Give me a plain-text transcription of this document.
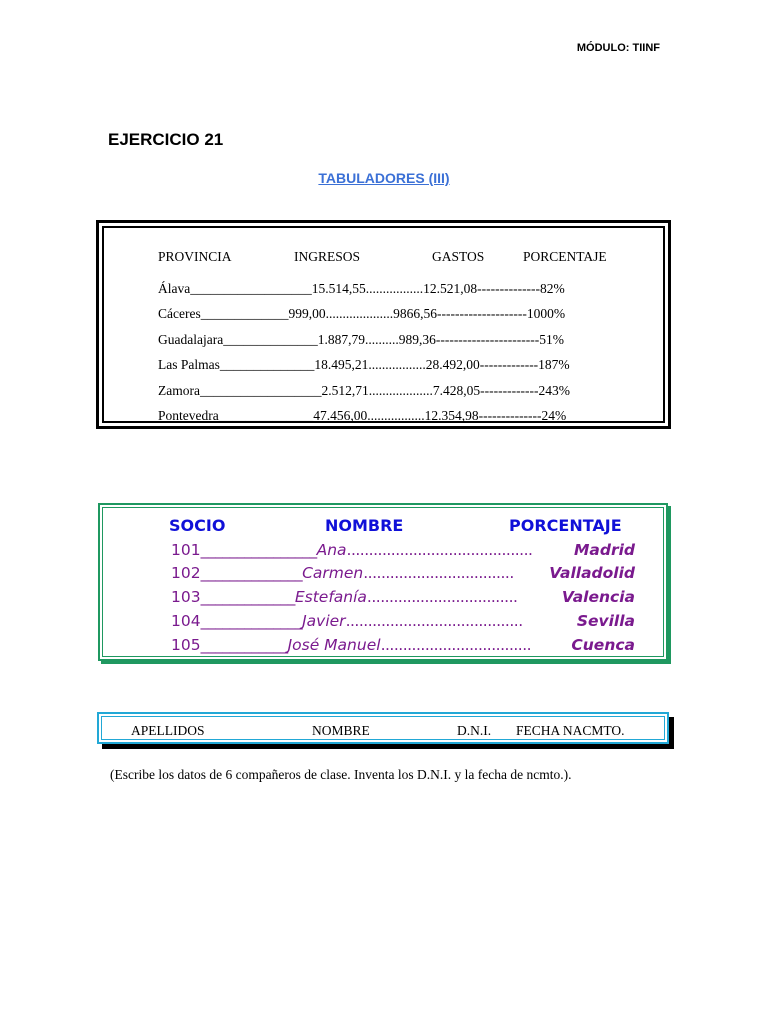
MÓDULO: TIINF
EJERCICIO 21
TABULADORES (III)
PROVINCIA	INGRESOS	GASTOS	PORCENTAJE
Álava__________________15.514,55.................12.521,08--------------82%
Cáceres_____________999,00....................9866,56--------------------1000%
Guadalajara______________1.887,79..........989,36-----------------------51%
Las Palmas______________18.495,21.................28.492,00-------------187%
Zamora__________________2.512,71...................7.428,05-------------243%
Pontevedra______________47.456,00.................12.354,98--------------24%
SOCIO	NOMBRE	PORCENTAJE
101________________Ana..........................................	Madrid
102______________Carmen.................................. Valladolid
103_____________Estefanía..................................	Valencia
104______________Javier........................................	Sevilla
105____________José Manuel..................................	Cuenca
APELLIDOS	NOMBRE	D.N.I. FECHA NACMTO.
(Escribe los datos de 6 compañeros de clase. Inventa los D.N.I. y la fecha de ncmto.).
